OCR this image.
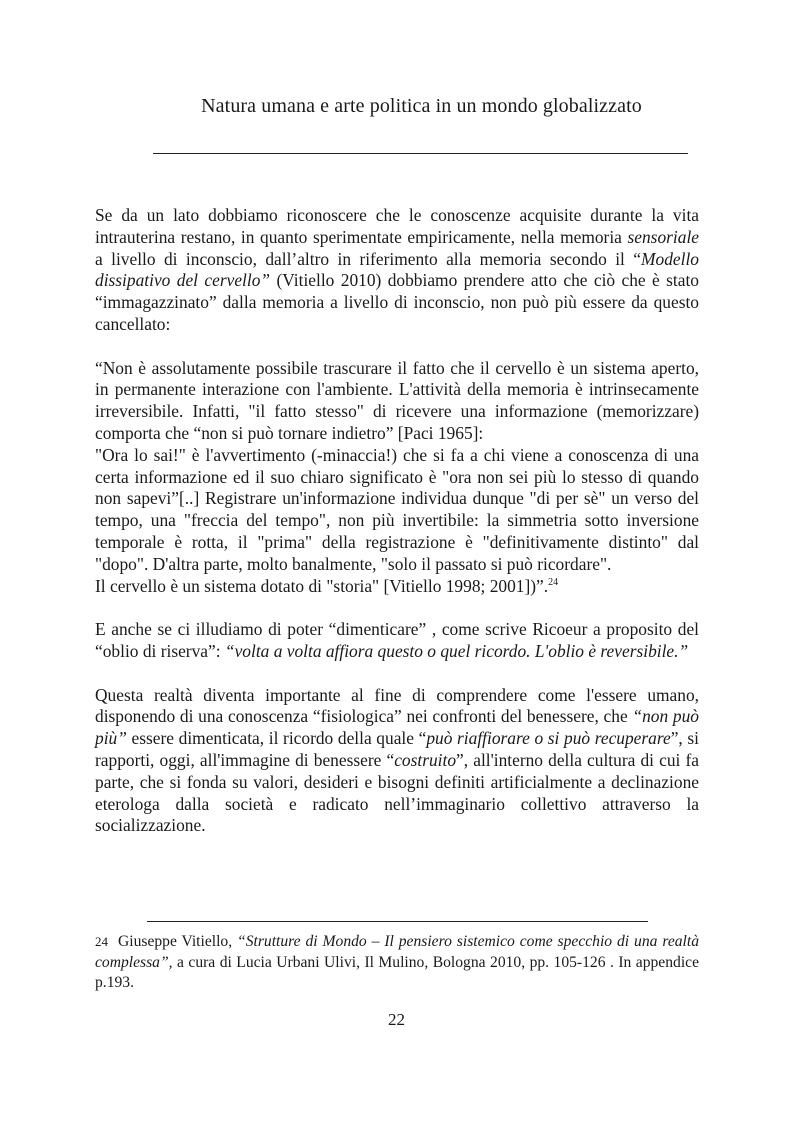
Natura umana e arte politica in un mondo globalizzato

Se da un lato dobbiamo riconoscere che le conoscenze acquisite durante la vita intrauterina restano, in quanto sperimentate empiricamente, nella memoria sensoriale a livello di inconscio, dall’altro in riferimento alla memoria secondo il “Modello dissipativo del cervello” (Vitiello 2010) dobbiamo prendere atto che ciò che è stato “immagazzinato” dalla memoria a livello di inconscio, non può più essere da questo cancellato:

“Non è assolutamente possibile trascurare il fatto che il cervello è un sistema aperto, in permanente interazione con l'ambiente. L'attività della memoria è intrinsecamente irreversibile. Infatti, "il fatto stesso" di ricevere una informazione (memorizzare) comporta che “non si può tornare indietro” [Paci 1965]:

"Ora lo sai!" è l'avvertimento (-minaccia!) che si fa a chi viene a conoscenza di una certa informazione ed il suo chiaro significato è "ora non sei più lo stesso di quando non sapevi”[..] Registrare un'informazione individua dunque "di per sè" un verso del tempo, una "freccia del tempo", non più invertibile: la simmetria sotto inversione temporale è rotta, il "prima" della registrazione è "definitivamente distinto" dal "dopo". D'altra parte, molto banalmente, "solo il passato si può ricordare".

Il cervello è un sistema dotato di "storia" [Vitiello 1998; 2001])”.$^{24}$

E anche se ci illudiamo di poter “dimenticare” , come scrive Ricoeur a proposito del “oblio di riserva”: “volta a volta affiora questo o quel ricordo. L'oblio è reversibile.”

Questa realtà diventa importante al fine di comprendere come l'essere umano, disponendo di una conoscenza “fisiologica” nei confronti del benessere, che “non può più” essere dimenticata, il ricordo della quale “può riaffiorare o si può recuperare”, si rapporti, oggi, all'immagine di benessere “costruito”, all'interno della cultura di cui fa parte, che si fonda su valori, desideri e bisogni definiti artificialmente a declinazione eterologa dalla società e radicato nell’immaginario collettivo attraverso la socializzazione.

24 Giuseppe Vitiello, “Strutture di Mondo – Il pensiero sistemico come specchio di una realtà complessa”, a cura di Lucia Urbani Ulivi, Il Mulino, Bologna 2010, pp. 105-126 . In appendice p.193.
22
